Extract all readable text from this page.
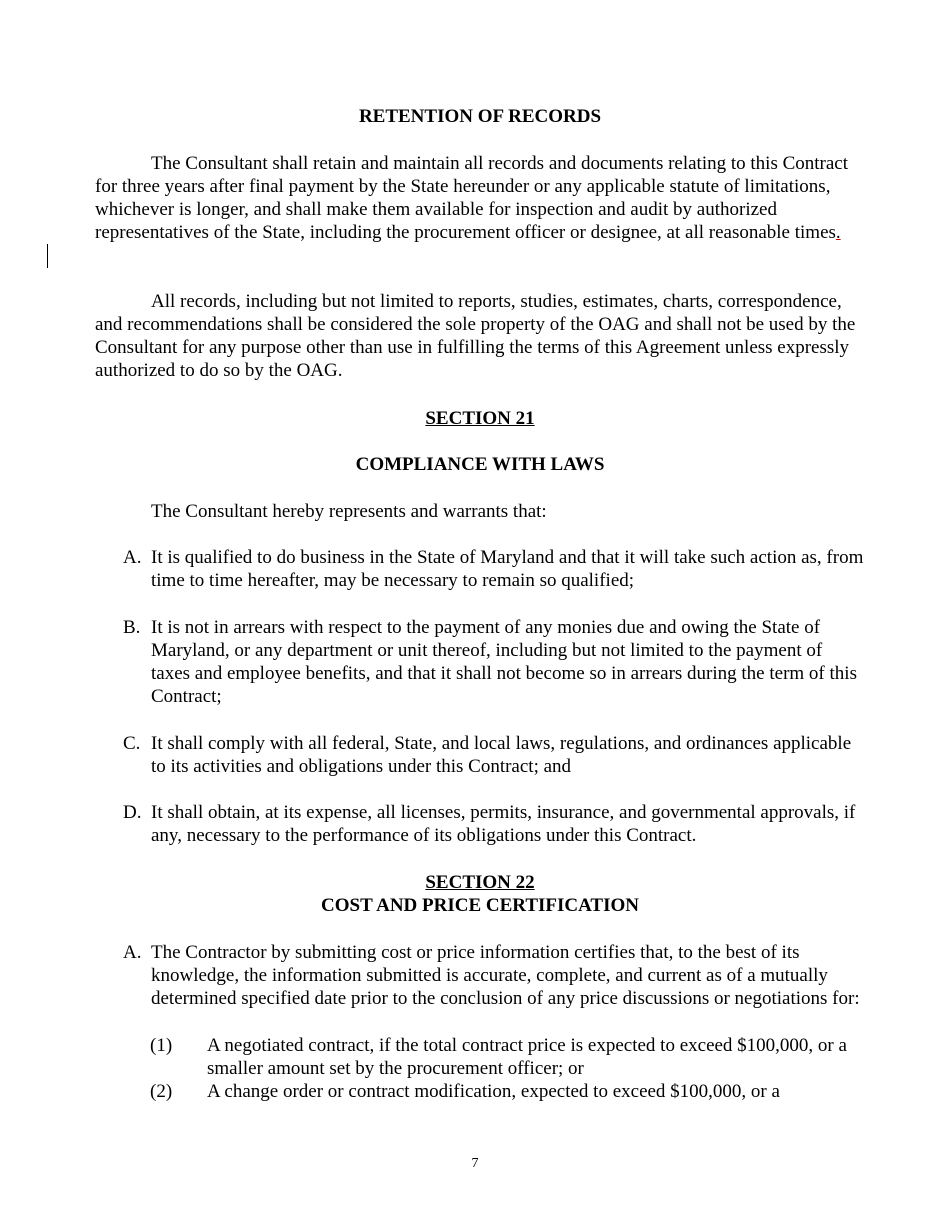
RETENTION OF RECORDS

The Consultant shall retain and maintain all records and documents relating to this Contract for three years after final payment by the State hereunder or any applicable statute of limitations, whichever is longer, and shall make them available for inspection and audit by authorized representatives of the State, including the procurement officer or designee, at all reasonable times.

All records, including but not limited to reports, studies, estimates, charts, correspondence, and recommendations shall be considered the sole property of the OAG and shall not be used by the Consultant for any purpose other than use in fulfilling the terms of this Agreement unless expressly authorized to do so by the OAG.

SECTION 21
COMPLIANCE WITH LAWS

The Consultant hereby represents and warrants that:

A. It is qualified to do business in the State of Maryland and that it will take such action as, from time to time hereafter, may be necessary to remain so qualified;
B. It is not in arrears with respect to the payment of any monies due and owing the State of Maryland, or any department or unit thereof, including but not limited to the payment of taxes and employee benefits, and that it shall not become so in arrears during the term of this Contract;
C. It shall comply with all federal, State, and local laws, regulations, and ordinances applicable to its activities and obligations under this Contract; and
D. It shall obtain, at its expense, all licenses, permits, insurance, and governmental approvals, if any, necessary to the performance of its obligations under this Contract.
SECTION 22
COST AND PRICE CERTIFICATION
A. The Contractor by submitting cost or price information certifies that, to the best of its knowledge, the information submitted is accurate, complete, and current as of a mutually determined specified date prior to the conclusion of any price discussions or negotiations for:
(1) A negotiated contract, if the total contract price is expected to exceed $100,000, or a smaller amount set by the procurement officer; or
(2) A change order or contract modification, expected to exceed $100,000, or a
7
